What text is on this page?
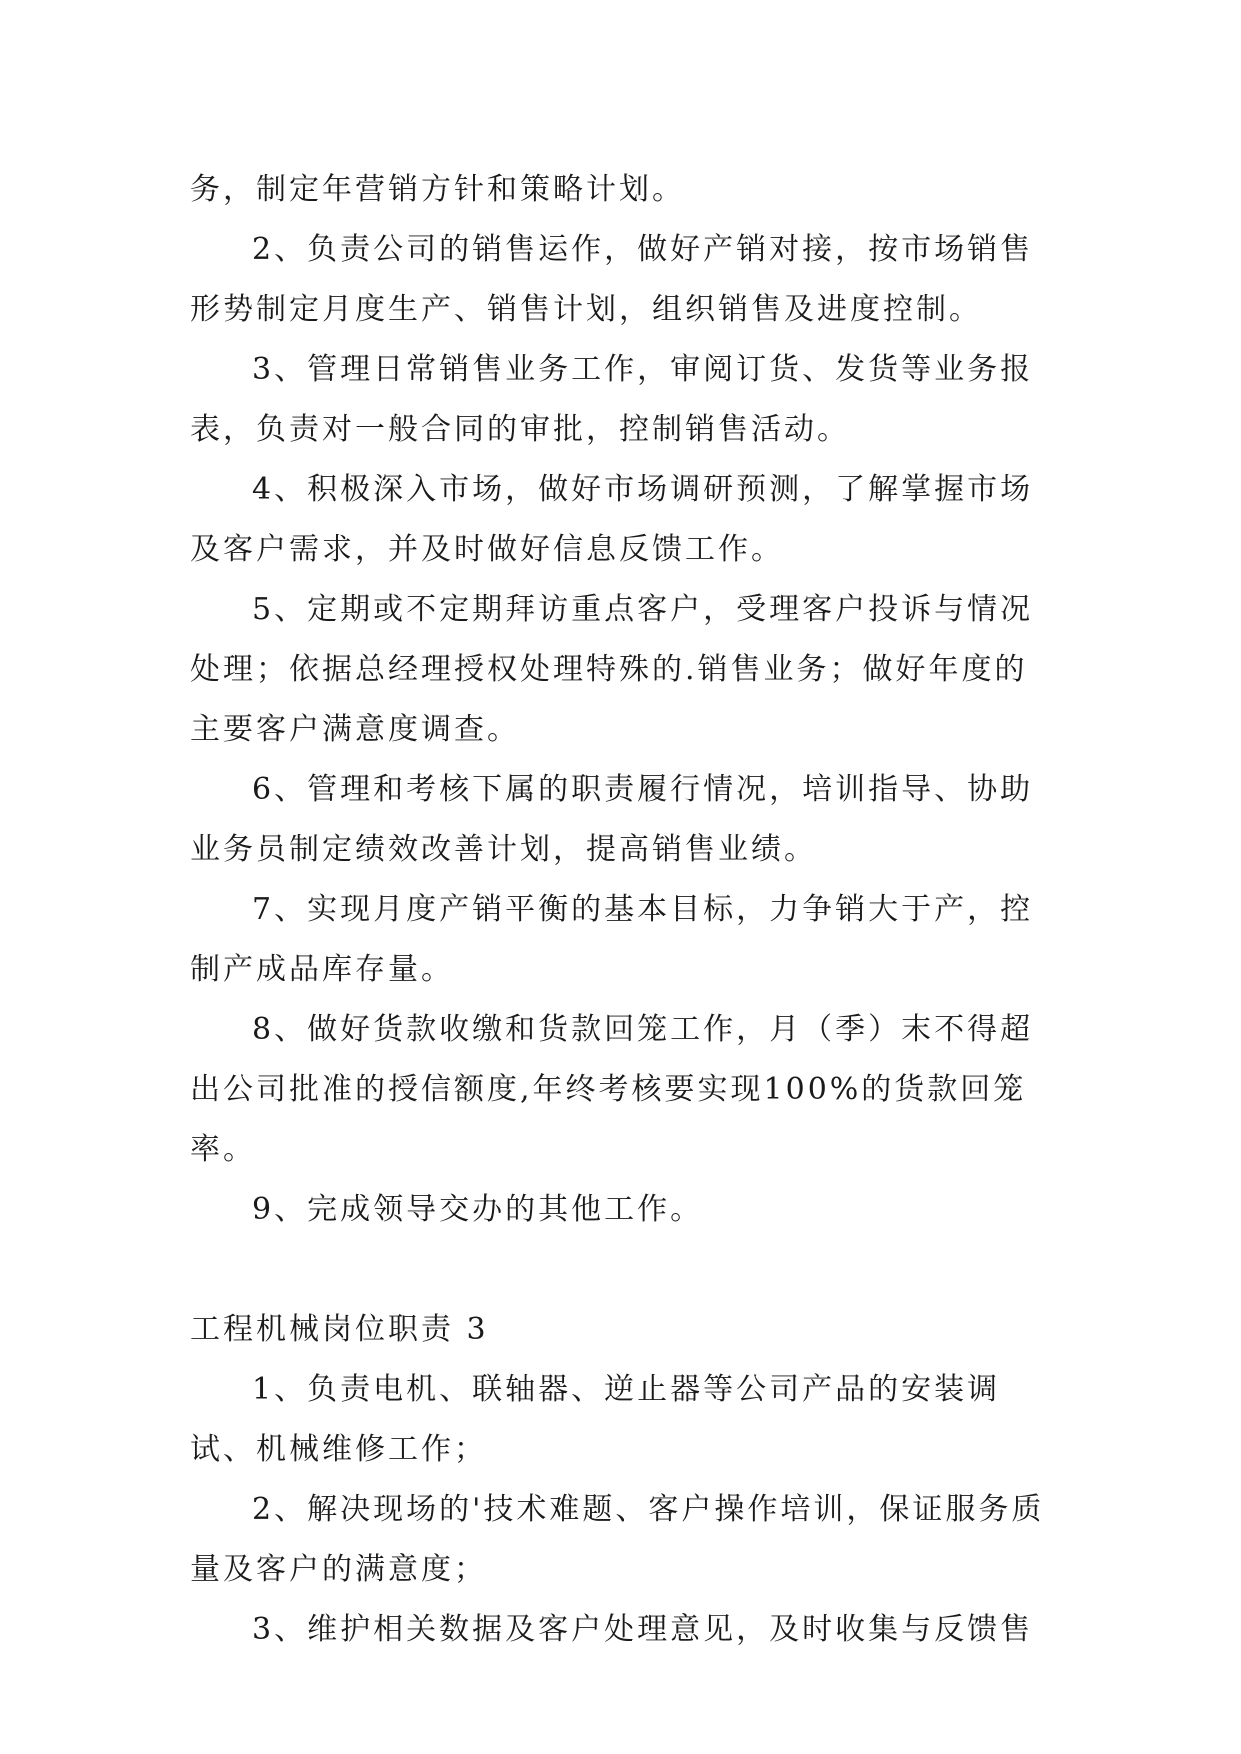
务，制定年营销方针和策略计划。

2、负责公司的销售运作，做好产销对接，按市场销售形势制定月度生产、销售计划，组织销售及进度控制。

3、管理日常销售业务工作，审阅订货、发货等业务报表，负责对一般合同的审批，控制销售活动。

4、积极深入市场，做好市场调研预测，了解掌握市场及客户需求，并及时做好信息反馈工作。

5、定期或不定期拜访重点客户，受理客户投诉与情况处理；依据总经理授权处理特殊的.销售业务；做好年度的主要客户满意度调查。

6、管理和考核下属的职责履行情况，培训指导、协助业务员制定绩效改善计划，提高销售业绩。

7、实现月度产销平衡的基本目标，力争销大于产，控制产成品库存量。

8、做好货款收缴和货款回笼工作，月（季）末不得超出公司批准的授信额度,年终考核要实现100%的货款回笼率。

9、完成领导交办的其他工作。

工程机械岗位职责 3

1、负责电机、联轴器、逆止器等公司产品的安装调试、机械维修工作；

2、解决现场的'技术难题、客户操作培训，保证服务质量及客户的满意度；

3、维护相关数据及客户处理意见，及时收集与反馈售
